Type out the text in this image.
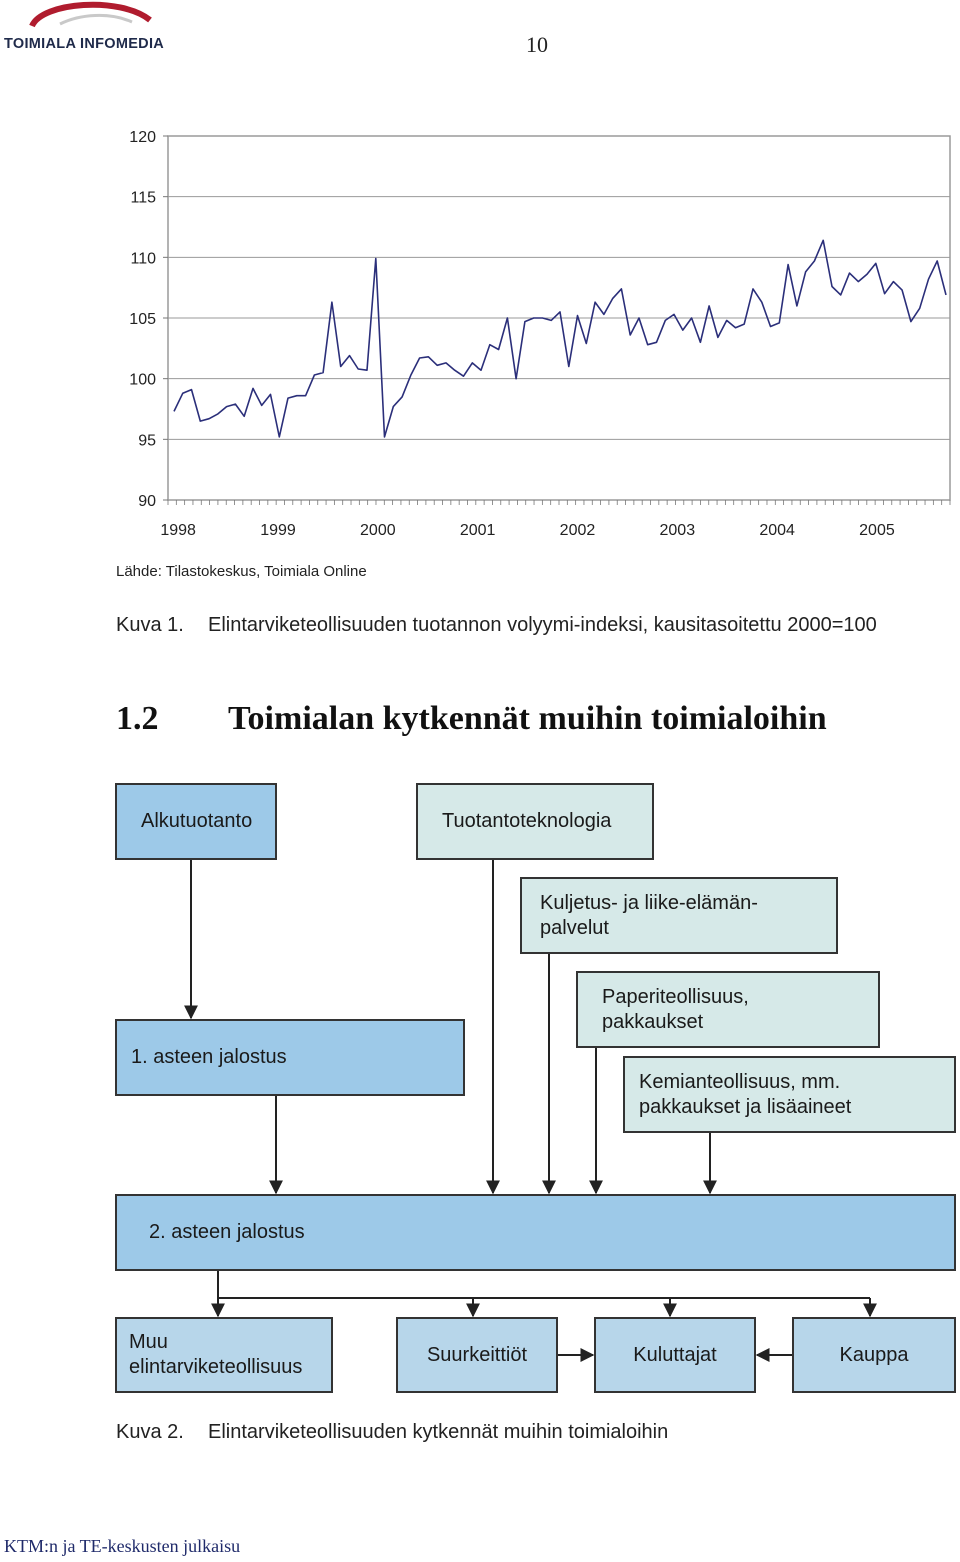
TOIMIALA INFOMEDIA	10
90
95
100
105
110
115
120
1998	1999	2000	2001	2002	2003	2004	2005
Lähde: Tilastokeskus, Toimiala Online
Kuva 1. Elintarviketeollisuuden tuotannon volyymi-indeksi, kausitasoitettu 2000=100
1.2 Toimialan kytkennät muihin toimialoihin
Alkutuotanto	Tuotantoteknologia
Kuljetus- ja liike-elämän-
palvelut
Paperiteollisuus,
pakkaukset
1. asteen jalostus
Kemianteollisuus, mm.
pakkaukset ja lisäaineet
2. asteen jalostus
Muu
elintarviketeollisuus
Suurkeittiöt	Kuluttajat	Kauppa
Kuva 2. Elintarviketeollisuuden kytkennät muihin toimialoihin
KTM:n ja TE-keskusten julkaisu
